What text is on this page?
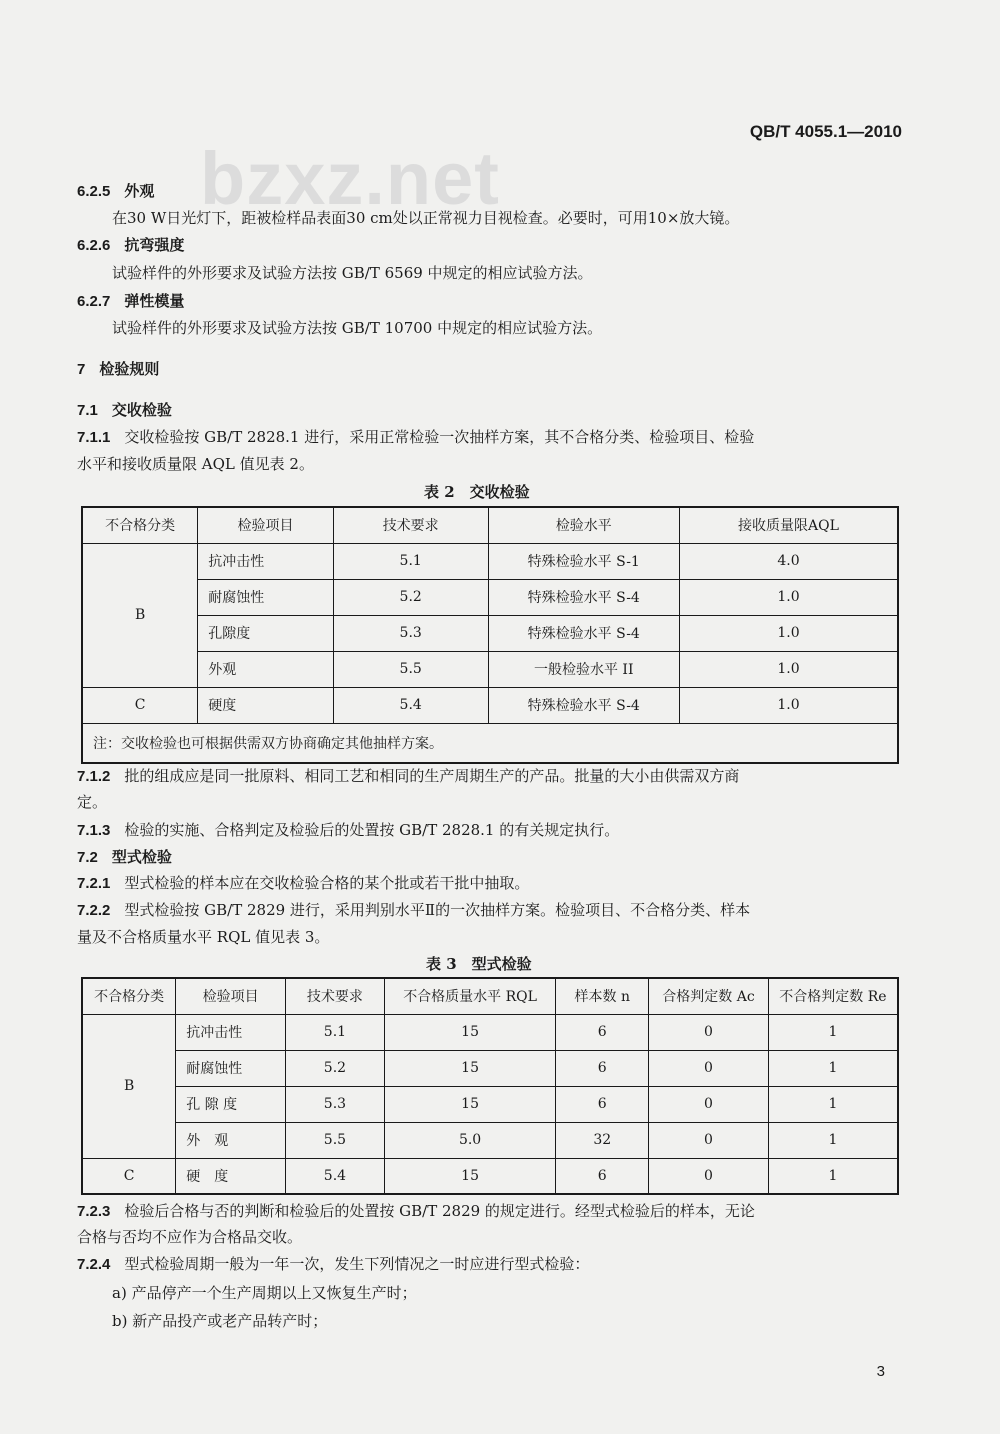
QB/T 4055.1—2010
bzxz.net
6.2.5 外观
在30 W日光灯下，距被检样品表面30 cm处以正常视力目视检查。必要时，可用10×放大镜。
6.2.6 抗弯强度
试验样件的外形要求及试验方法按 GB/T 6569 中规定的相应试验方法。
6.2.7 弹性模量
试验样件的外形要求及试验方法按 GB/T 10700 中规定的相应试验方法。
7 检验规则
7.1 交收检验
7.1.1 交收检验按 GB/T 2828.1 进行，采用正常检验一次抽样方案，其不合格分类、检验项目、检验
水平和接收质量限 AQL 值见表 2。
表 2　交收检验
不合格分类	检验项目	技术要求	检验水平	接收质量限AQL
B	抗冲击性	5.1	特殊检验水平 S-1	4.0
	耐腐蚀性	5.2	特殊检验水平 S-4	1.0
	孔隙度	5.3	特殊检验水平 S-4	1.0
	外观	5.5	一般检验水平 II	1.0
C	硬度	5.4	特殊检验水平 S-4	1.0
注：交收检验也可根据供需双方协商确定其他抽样方案。				
7.1.2 批的组成应是同一批原料、相同工艺和相同的生产周期生产的产品。批量的大小由供需双方商
定。
7.1.3 检验的实施、合格判定及检验后的处置按 GB/T 2828.1 的有关规定执行。
7.2 型式检验
7.2.1 型式检验的样本应在交收检验合格的某个批或若干批中抽取。
7.2.2 型式检验按 GB/T 2829 进行，采用判别水平Ⅱ的一次抽样方案。检验项目、不合格分类、样本
量及不合格质量水平 RQL 值见表 3。
表 3　型式检验
不合格分类	检验项目	技术要求	不合格质量水平 RQL	样本数 n	合格判定数 Ac	不合格判定数 Re
B	抗冲击性	5.1	15	6	0	1
	耐腐蚀性	5.2	15	6	0	1
	孔 隙 度	5.3	15	6	0	1
	外　观	5.5	5.0	32	0	1
C	硬　度	5.4	15	6	0	1
7.2.3 检验后合格与否的判断和检验后的处置按 GB/T 2829 的规定进行。经型式检验后的样本，无论
合格与否均不应作为合格品交收。
7.2.4 型式检验周期一般为一年一次，发生下列情况之一时应进行型式检验：
a) 产品停产一个生产周期以上又恢复生产时；
b) 新产品投产或老产品转产时；
3
